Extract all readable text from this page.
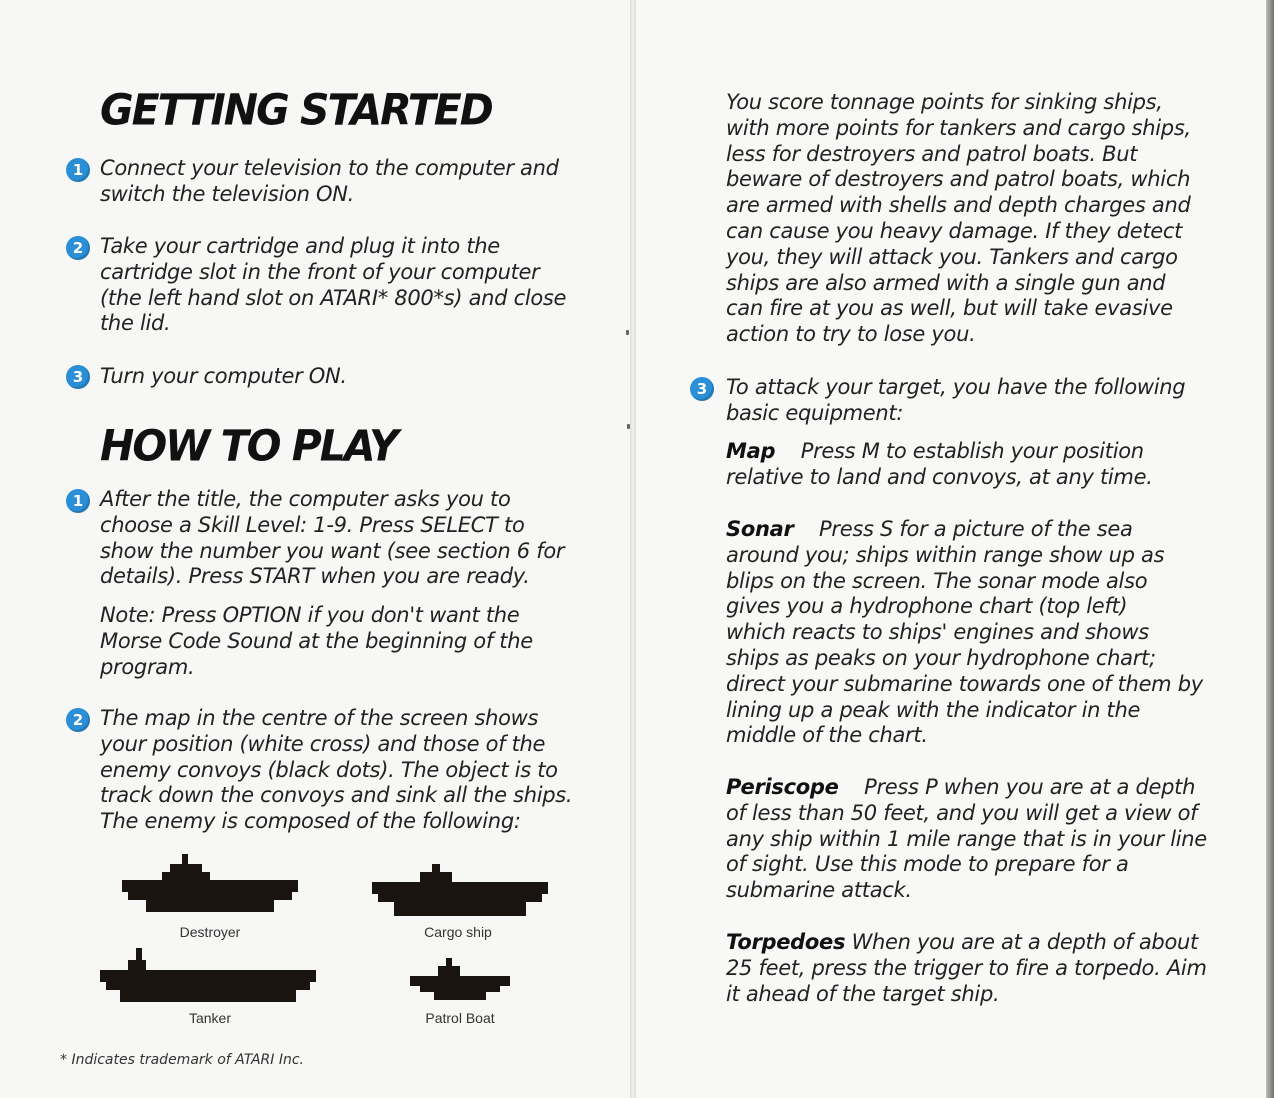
GETTING STARTED
1 Connect your television to the computer and
switch the television ON.
2 Take your cartridge and plug it into the
cartridge slot in the front of your computer
(the left hand slot on ATARI* 800*s) and close
the lid.
3 Turn your computer ON.
HOW TO PLAY
1 After the title, the computer asks you to
choose a Skill Level: 1-9. Press SELECT to
show the number you want (see section 6 for
details). Press START when you are ready.
Note: Press OPTION if you don't want the
Morse Code Sound at the beginning of the
program.
2 The map in the centre of the screen shows
your position (white cross) and those of the
enemy convoys (black dots). The object is to
track down the convoys and sink all the ships.
The enemy is composed of the following:
Destroyer	Cargo ship
Tanker	Patrol Boat
* Indicates trademark of ATARI Inc.
You score tonnage points for sinking ships,
with more points for tankers and cargo ships,
less for destroyers and patrol boats. But
beware of destroyers and patrol boats, which
are armed with shells and depth charges and
can cause you heavy damage. If they detect
you, they will attack you. Tankers and cargo
ships are also armed with a single gun and
can fire at you as well, but will take evasive
action to try to lose you.
3 To attack your target, you have the following
basic equipment:
Map Press M to establish your position
relative to land and convoys, at any time.
Sonar Press S for a picture of the sea
around you; ships within range show up as
blips on the screen. The sonar mode also
gives you a hydrophone chart (top left)
which reacts to ships' engines and shows
ships as peaks on your hydrophone chart;
direct your submarine towards one of them by
lining up a peak with the indicator in the
middle of the chart.
Periscope Press P when you are at a depth
of less than 50 feet, and you will get a view of
any ship within 1 mile range that is in your line
of sight. Use this mode to prepare for a
submarine attack.
Torpedoes When you are at a depth of about
25 feet, press the trigger to fire a torpedo. Aim
it ahead of the target ship.
